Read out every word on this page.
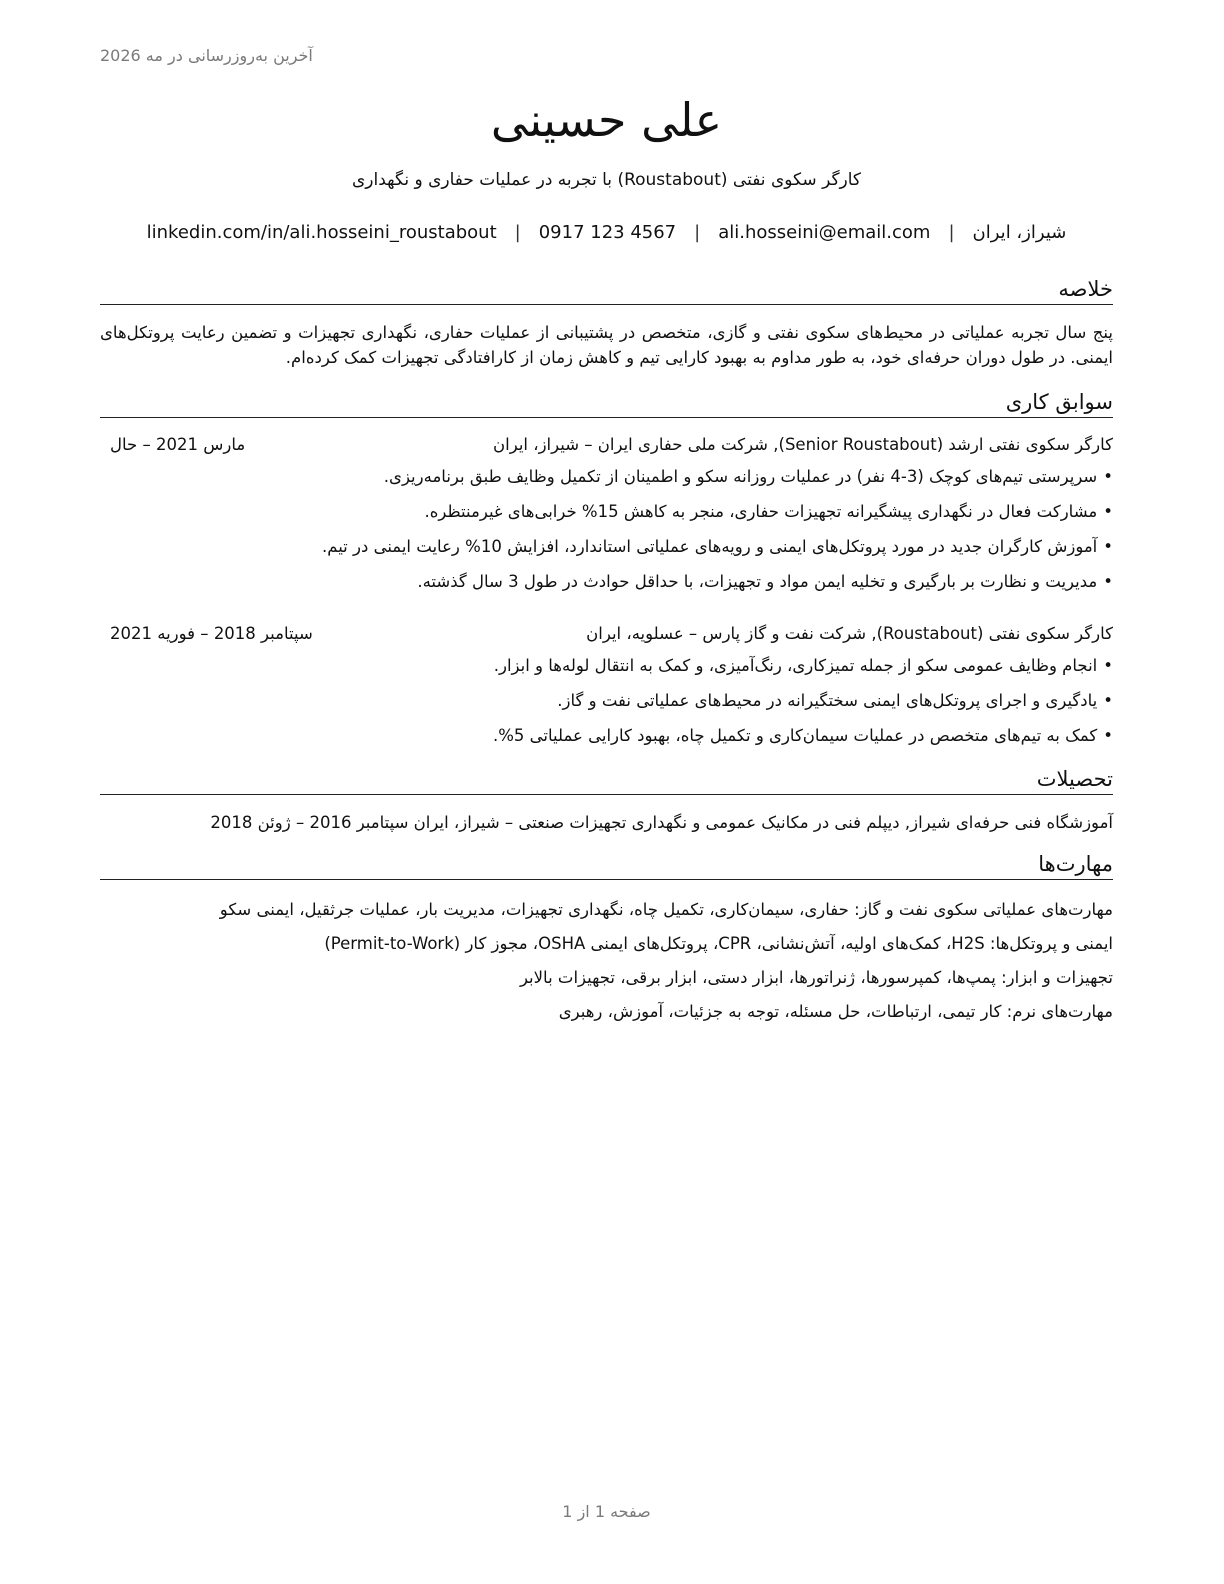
آخرین به‌روزرسانی در مه 2026
علی حسینی
کارگر سکوی نفتی (Roustabout) با تجربه در عملیات حفاری و نگهداری
شیراز، ایران
|
ali.hosseini@email.com
|
0917 123 4567
|
linkedin.com/in/ali.hosseini_roustabout
خلاصه
پنج سال تجربه عملیاتی در محیط‌های سکوی نفتی و گازی، متخصص در پشتیبانی از عملیات حفاری، نگهداری تجهیزات و تضمین رعایت پروتکل‌های ایمنی. در طول دوران حرفه‌ای خود، به طور مداوم به بهبود کارایی تیم و کاهش زمان از کارافتادگی تجهیزات کمک کرده‌ام.
سوابق کاری
کارگر سکوی نفتی ارشد (Senior Roustabout), شرکت ملی حفاری ایران – شیراز، ایران
مارس 2021 – حال
•سرپرستی تیم‌های کوچک (3-4 نفر) در عملیات روزانه سکو و اطمینان از تکمیل وظایف طبق برنامه‌ریزی.
•مشارکت فعال در نگهداری پیشگیرانه تجهیزات حفاری، منجر به کاهش 15% خرابی‌های غیرمنتظره.
•آموزش کارگران جدید در مورد پروتکل‌های ایمنی و رویه‌های عملیاتی استاندارد، افزایش 10% رعایت ایمنی در تیم.
•مدیریت و نظارت بر بارگیری و تخلیه ایمن مواد و تجهیزات، با حداقل حوادث در طول 3 سال گذشته.
کارگر سکوی نفتی (Roustabout), شرکت نفت و گاز پارس – عسلویه، ایران
سپتامبر 2018 – فوریه 2021
•انجام وظایف عمومی سکو از جمله تمیزکاری، رنگ‌آمیزی، و کمک به انتقال لوله‌ها و ابزار.
•یادگیری و اجرای پروتکل‌های ایمنی سختگیرانه در محیط‌های عملیاتی نفت و گاز.
•کمک به تیم‌های متخصص در عملیات سیمان‌کاری و تکمیل چاه، بهبود کارایی عملیاتی 5%.
تحصیلات
آموزشگاه فنی حرفه‌ای شیراز, دیپلم فنی در مکانیک عمومی و نگهداری تجهیزات صنعتی – شیراز، ایران سپتامبر 2016 – ژوئن 2018
مهارت‌ها
مهارت‌های عملیاتی سکوی نفت و گاز: حفاری، سیمان‌کاری، تکمیل چاه، نگهداری تجهیزات، مدیریت بار، عملیات جرثقیل، ایمنی سکو
ایمنی و پروتکل‌ها: H2S، کمک‌های اولیه، آتش‌نشانی، CPR، پروتکل‌های ایمنی OSHA، مجوز کار (Permit-to-Work)
تجهیزات و ابزار: پمپ‌ها، کمپرسورها، ژنراتورها، ابزار دستی، ابزار برقی، تجهیزات بالابر
مهارت‌های نرم: کار تیمی، ارتباطات، حل مسئله، توجه به جزئیات، آموزش، رهبری
صفحه 1 از 1
